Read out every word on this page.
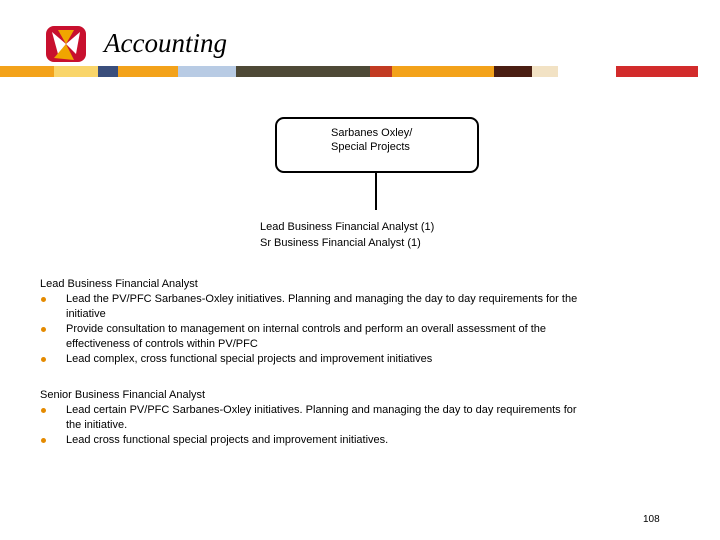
Accounting
Sarbanes Oxley/
Special Projects
Lead Business Financial Analyst (1)
Sr Business Financial Analyst (1)
Lead Business Financial Analyst
Lead the PV/PFC Sarbanes-Oxley initiatives. Planning and managing the day to day requirements for the initiative
Provide consultation to management on internal controls and perform an overall assessment of the effectiveness of controls within PV/PFC
Lead complex, cross functional special projects and improvement initiatives
Senior Business Financial Analyst
Lead certain PV/PFC Sarbanes-Oxley initiatives. Planning and managing the day to day requirements for the initiative.
Lead cross functional special projects and improvement initiatives.
108
